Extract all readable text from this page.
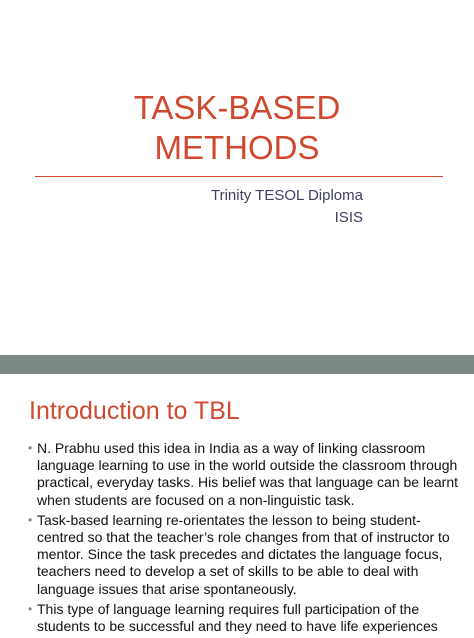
TASK-BASED
METHODS
Trinity TESOL Diploma
ISIS
Introduction to TBL
• N. Prabhu used this idea in India as a way of linking classroom language learning to use in the world outside the classroom through practical, everyday tasks. His belief was that language can be learnt when students are focused on a non-linguistic task.
• Task-based learning re-orientates the lesson to being student-centred so that the teacher’s role changes from that of instructor to mentor. Since the task precedes and dictates the language focus, teachers need to develop a set of skills to be able to deal with language issues that arise spontaneously.
• This type of language learning requires full participation of the students to be successful and they need to have life experiences
